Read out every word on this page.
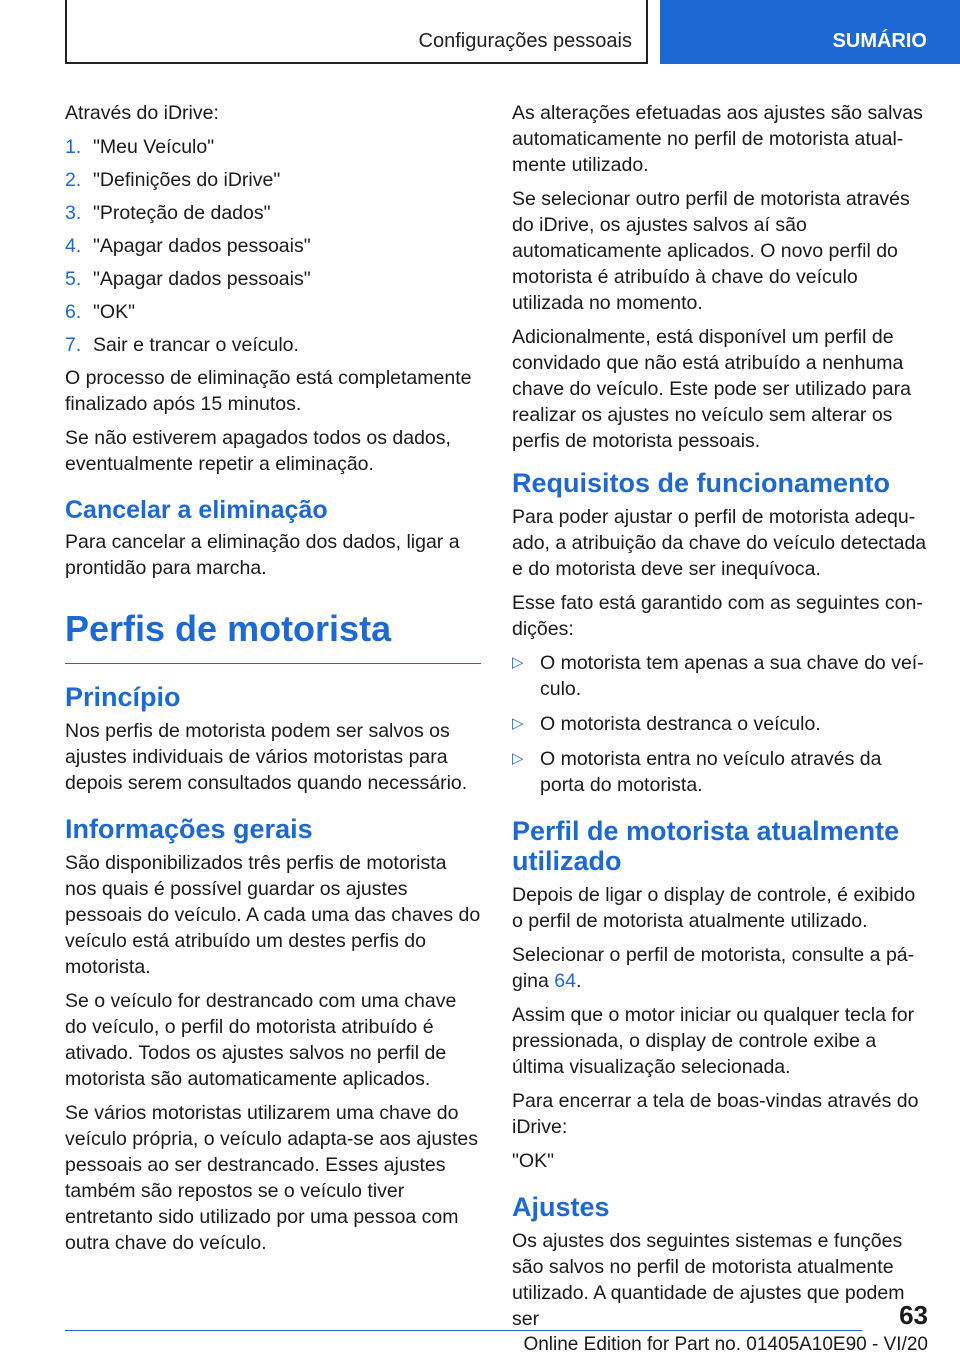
Configurações pessoais	SUMÁRIO

Através do iDrive:

1. "Meu Veículo"
2. "Definições do iDrive"
3. "Proteção de dados"
4. "Apagar dados pessoais"
5. "Apagar dados pessoais"
6. "OK"
7. Sair e trancar o veículo.

O processo de eliminação está completamente finalizado após 15 minutos.

Se não estiverem apagados todos os dados, eventualmente repetir a eliminação.

Cancelar a eliminação

Para cancelar a eliminação dos dados, ligar a prontidão para marcha.

Perfis de motorista
Princípio

Nos perfis de motorista podem ser salvos os ajustes individuais de vários motoristas para depois serem consultados quando necessário.

Informações gerais

São disponibilizados três perfis de motorista nos quais é possível guardar os ajustes pessoais do veículo. A cada uma das chaves do veículo está atribuído um destes perfis do motorista.

Se o veículo for destrancado com uma chave do veículo, o perfil do motorista atribuído é ativado. Todos os ajustes salvos no perfil de motorista são automaticamente aplicados.

Se vários motoristas utilizarem uma chave do veículo própria, o veículo adapta-se aos ajustes pessoais ao ser destrancado. Esses ajustes também são repostos se o veículo tiver entretanto sido utilizado por uma pessoa com outra chave do veículo.

As alterações efetuadas aos ajustes são salvas automaticamente no perfil de motorista atualmente utilizado.

Se selecionar outro perfil de motorista através do iDrive, os ajustes salvos aí são automaticamente aplicados. O novo perfil do motorista é atribuído à chave do veículo utilizada no momento.

Adicionalmente, está disponível um perfil de convidado que não está atribuído a nenhuma chave do veículo. Este pode ser utilizado para realizar os ajustes no veículo sem alterar os perfis de motorista pessoais.

Requisitos de funcionamento

Para poder ajustar o perfil de motorista adequado, a atribuição da chave do veículo detectada e do motorista deve ser inequívoca.

Esse fato está garantido com as seguintes condições:

▷ O motorista tem apenas a sua chave do veículo.
▷ O motorista destranca o veículo.
▷ O motorista entra no veículo através da porta do motorista.
Perfil de motorista atualmente utilizado

Depois de ligar o display de controle, é exibido o perfil de motorista atualmente utilizado.

Selecionar o perfil de motorista, consulte a página 64.

Assim que o motor iniciar ou qualquer tecla for pressionada, o display de controle exibe a última visualização selecionada.

Para encerrar a tela de boas-vindas através do iDrive:

"OK"

Ajustes

Os ajustes dos seguintes sistemas e funções são salvos no perfil de motorista atualmente utilizado. A quantidade de ajustes que podem ser	63
Online Edition for Part no. 01405A10E90 - VI/20
